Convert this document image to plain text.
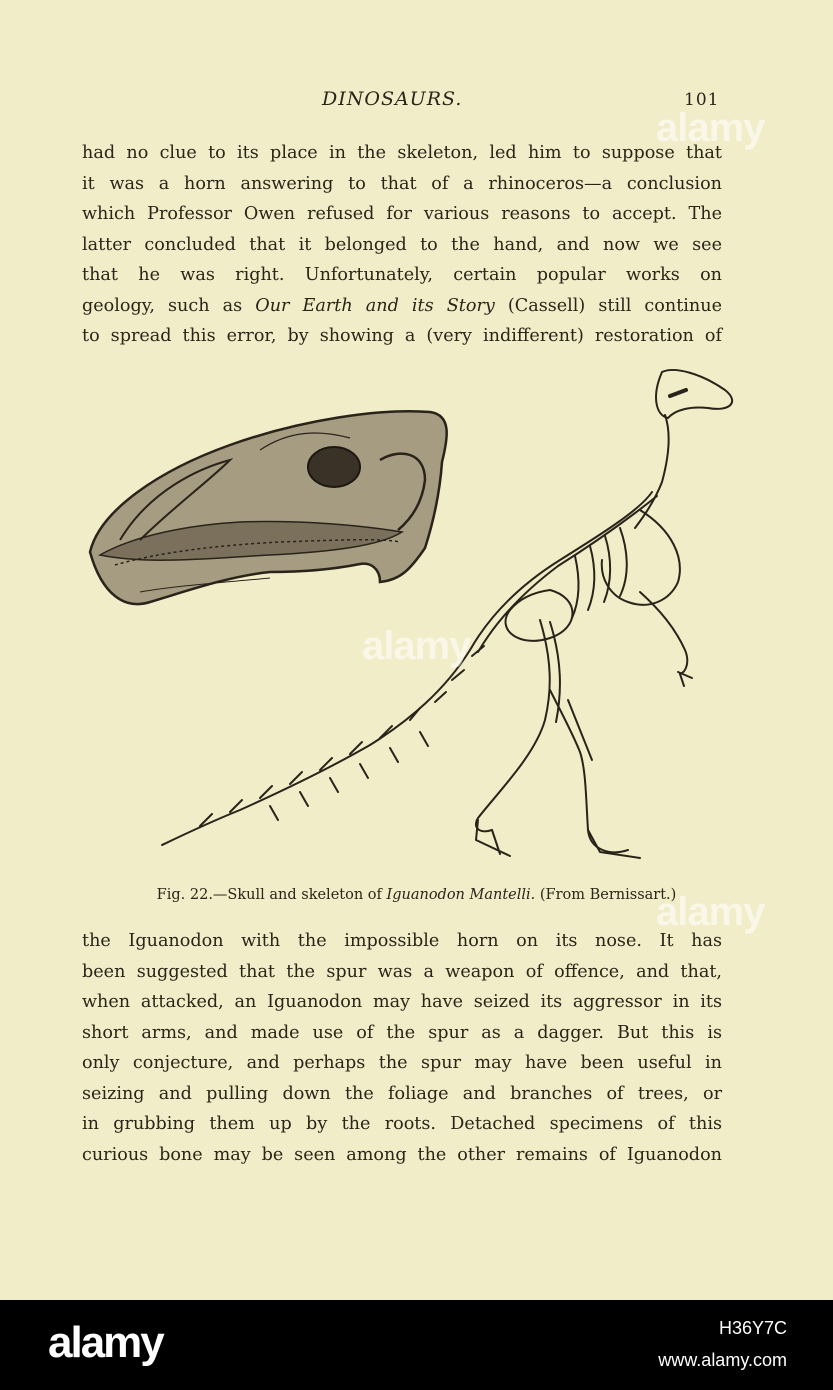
DINOSAURS.	101
had no clue to its place in the skeleton, led him to suppose that
it was a horn answering to that of a rhinoceros—a conclusion
which Professor Owen refused for various reasons to accept. The
latter concluded that it belonged to the hand, and now we see
that he was right. Unfortunately, certain popular works on
geology, such as Our Earth and its Story (Cassell) still continue
to spread this error, by showing a (very indifferent) restoration of
Fig. 22.—Skull and skeleton of Iguanodon Mantelli. (From Bernissart.)
the Iguanodon with the impossible horn on its nose. It has
been suggested that the spur was a weapon of offence, and that,
when attacked, an Iguanodon may have seized its aggressor in its
short arms, and made use of the spur as a dagger. But this is
only conjecture, and perhaps the spur may have been useful in
seizing and pulling down the foliage and branches of trees, or
in grubbing them up by the roots. Detached specimens of this
curious bone may be seen among the other remains of Iguanodon
alamy
alamy
alamy
alamy	H36Y7C
www.alamy.com
